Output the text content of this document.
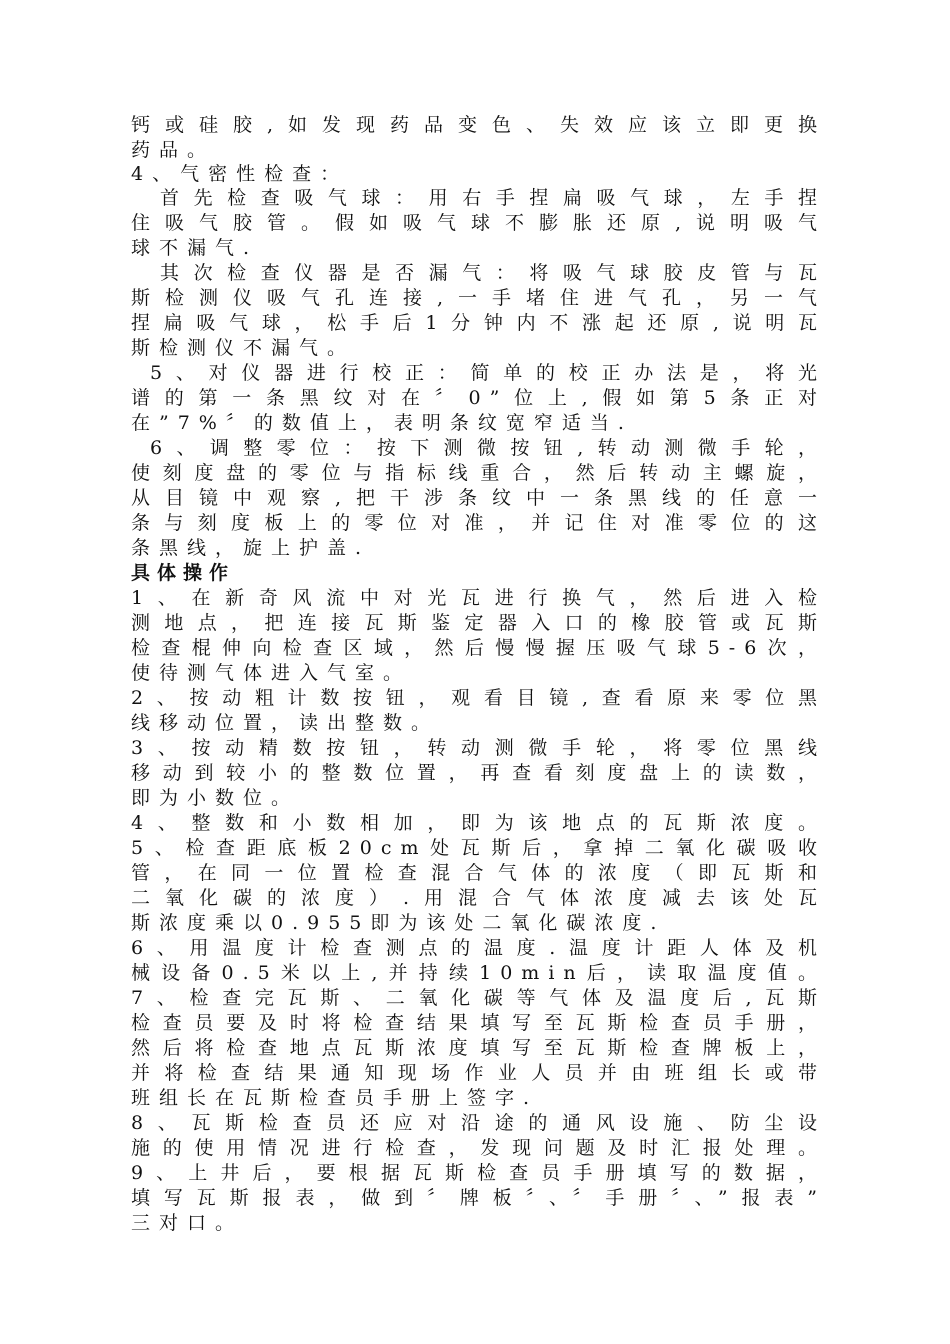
钙或硅胶,如发现药品变色、失效应该立即更换
药品。
4、气密性检查：
首先检查吸气球：用右手捏扁吸气球，左手捏
住吸气胶管。假如吸气球不膨胀还原,说明吸气
球不漏气.
其次检查仪器是否漏气：将吸气球胶皮管与瓦
斯检测仪吸气孔连接,一手堵住进气孔，另一气
捏扁吸气球，松手后1分钟内不涨起还原,说明瓦
斯检测仪不漏气。
5、对仪器进行校正：简单的校正办法是，将光
谱的第一条黑纹对在〞0”位上,假如第5条正对
在”7%〞的数值上，表明条纹宽窄适当.
6、调整零位：按下测微按钮,转动测微手轮，
使刻度盘的零位与指标线重合，然后转动主螺旋，
从目镜中观察,把干涉条纹中一条黑线的任意一
条与刻度板上的零位对准，并记住对准零位的这
条黑线，旋上护盖.
具体操作
1、在新奇风流中对光瓦进行换气，然后进入检
测地点，把连接瓦斯鉴定器入口的橡胶管或瓦斯
检查棍伸向检查区域，然后慢慢握压吸气球5-6次，
使待测气体进入气室。
2、按动粗计数按钮，观看目镜,查看原来零位黑
线移动位置，读出整数。
3、按动精数按钮，转动测微手轮，将零位黑线
移动到较小的整数位置，再查看刻度盘上的读数，
即为小数位。
4、整数和小数相加，即为该地点的瓦斯浓度。
5、检查距底板20cm处瓦斯后，拿掉二氧化碳吸收
管，在同一位置检查混合气体的浓度（即瓦斯和
二氧化碳的浓度）.用混合气体浓度减去该处瓦
斯浓度乘以0.955即为该处二氧化碳浓度.
6、用温度计检查测点的温度.温度计距人体及机
械设备0.5米以上,并持续10min后，读取温度值。
7、检查完瓦斯、二氧化碳等气体及温度后,瓦斯
检查员要及时将检查结果填写至瓦斯检查员手册，
然后将检查地点瓦斯浓度填写至瓦斯检查牌板上，
并将检查结果通知现场作业人员并由班组长或带
班组长在瓦斯检查员手册上签字.
8、瓦斯检查员还应对沿途的通风设施、防尘设
施的使用情况进行检查，发现问题及时汇报处理。
9、上井后，要根据瓦斯检查员手册填写的数据，
填写瓦斯报表，做到〞牌板〞、〞手册〞、”报表”
三对口。
